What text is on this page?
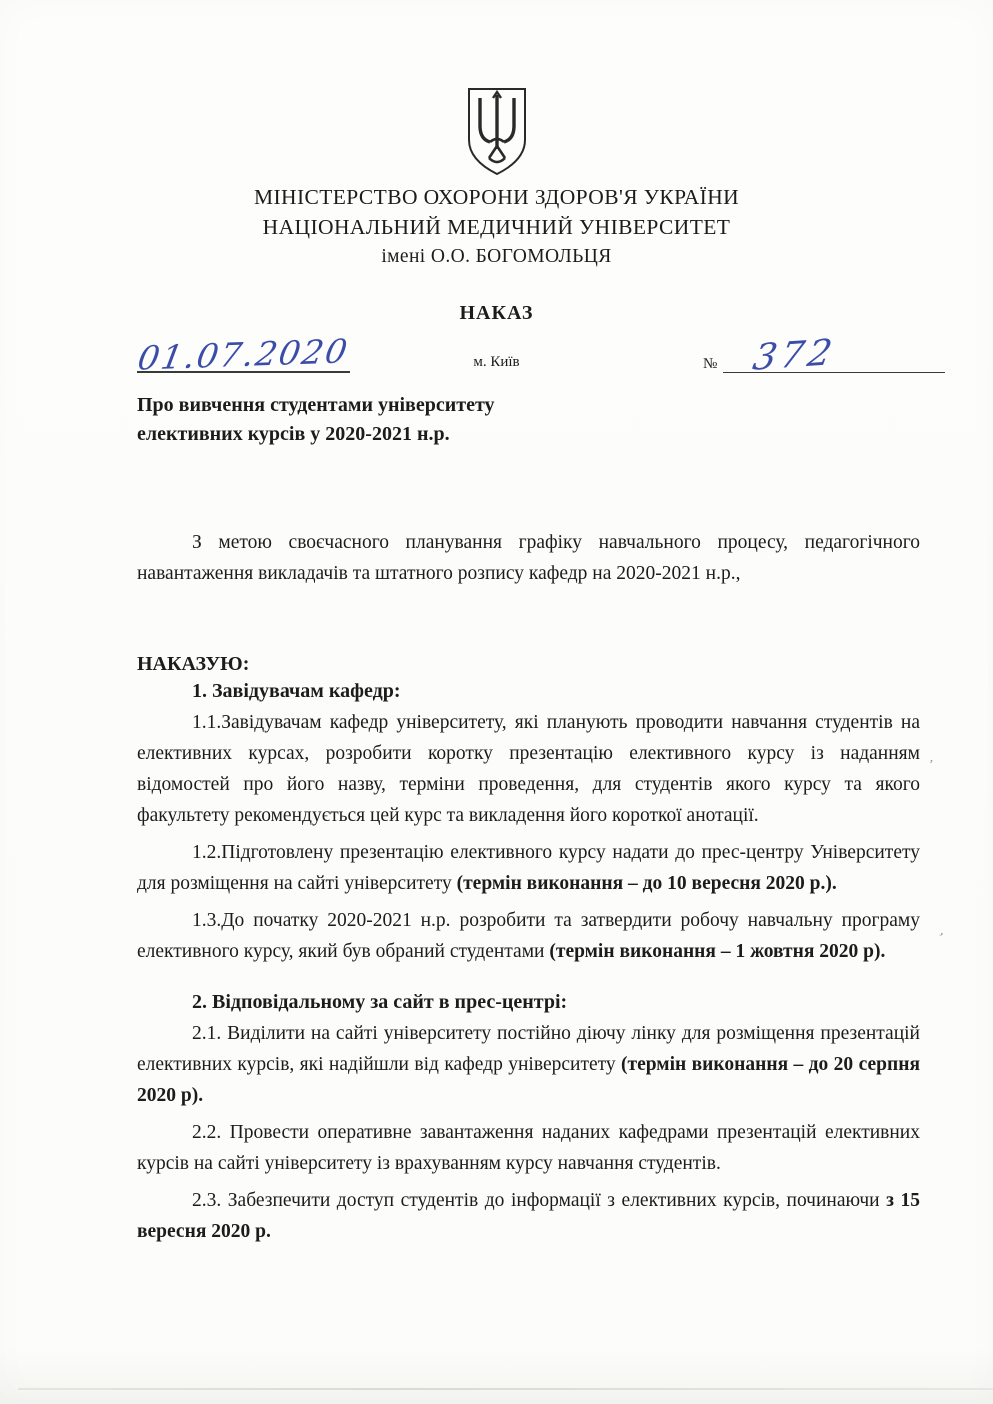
МІНІСТЕРСТВО ОХОРОНИ ЗДОРОВ'Я УКРАЇНИ
НАЦІОНАЛЬНИЙ МЕДИЧНИЙ УНІВЕРСИТЕТ
імені О.О. БОГОМОЛЬЦЯ
НАКАЗ
01.07.2020	м. Київ	№ 372
Про вивчення студентами університету
елективних курсів у 2020-2021 н.р.

З метою своєчасного планування графіку навчального процесу, педагогічного навантаження викладачів та штатного розпису кафедр на 2020-2021 н.р.,

НАКАЗУЮ:

1. Завідувачам кафедр:

1.1.Завідувачам кафедр університету, які планують проводити навчання студентів на елективних курсах, розробити коротку презентацію елективного курсу із наданням відомостей про його назву, терміни проведення, для студентів якого курсу та якого факультету рекомендується цей курс та викладення його короткої анотації.

1.2.Підготовлену презентацію елективного курсу надати до прес-центру Університету для розміщення на сайті університету (термін виконання – до 10 вересня 2020 р.).

1.3.До початку 2020-2021 н.р. розробити та затвердити робочу навчальну програму елективного курсу, який був обраний студентами (термін виконання – 1 жовтня 2020 р).

2. Відповідальному за сайт в прес-центрі:

2.1. Виділити на сайті університету постійно діючу лінку для розміщення презентацій елективних курсів, які надійшли від кафедр університету (термін виконання – до 20 серпня 2020 р).

2.2. Провести оперативне завантаження наданих кафедрами презентацій елективних курсів на сайті університету із врахуванням курсу навчання студентів.

2.3. Забезпечити доступ студентів до інформації з елективних курсів, починаючи з 15 вересня 2020 р.

’
’
